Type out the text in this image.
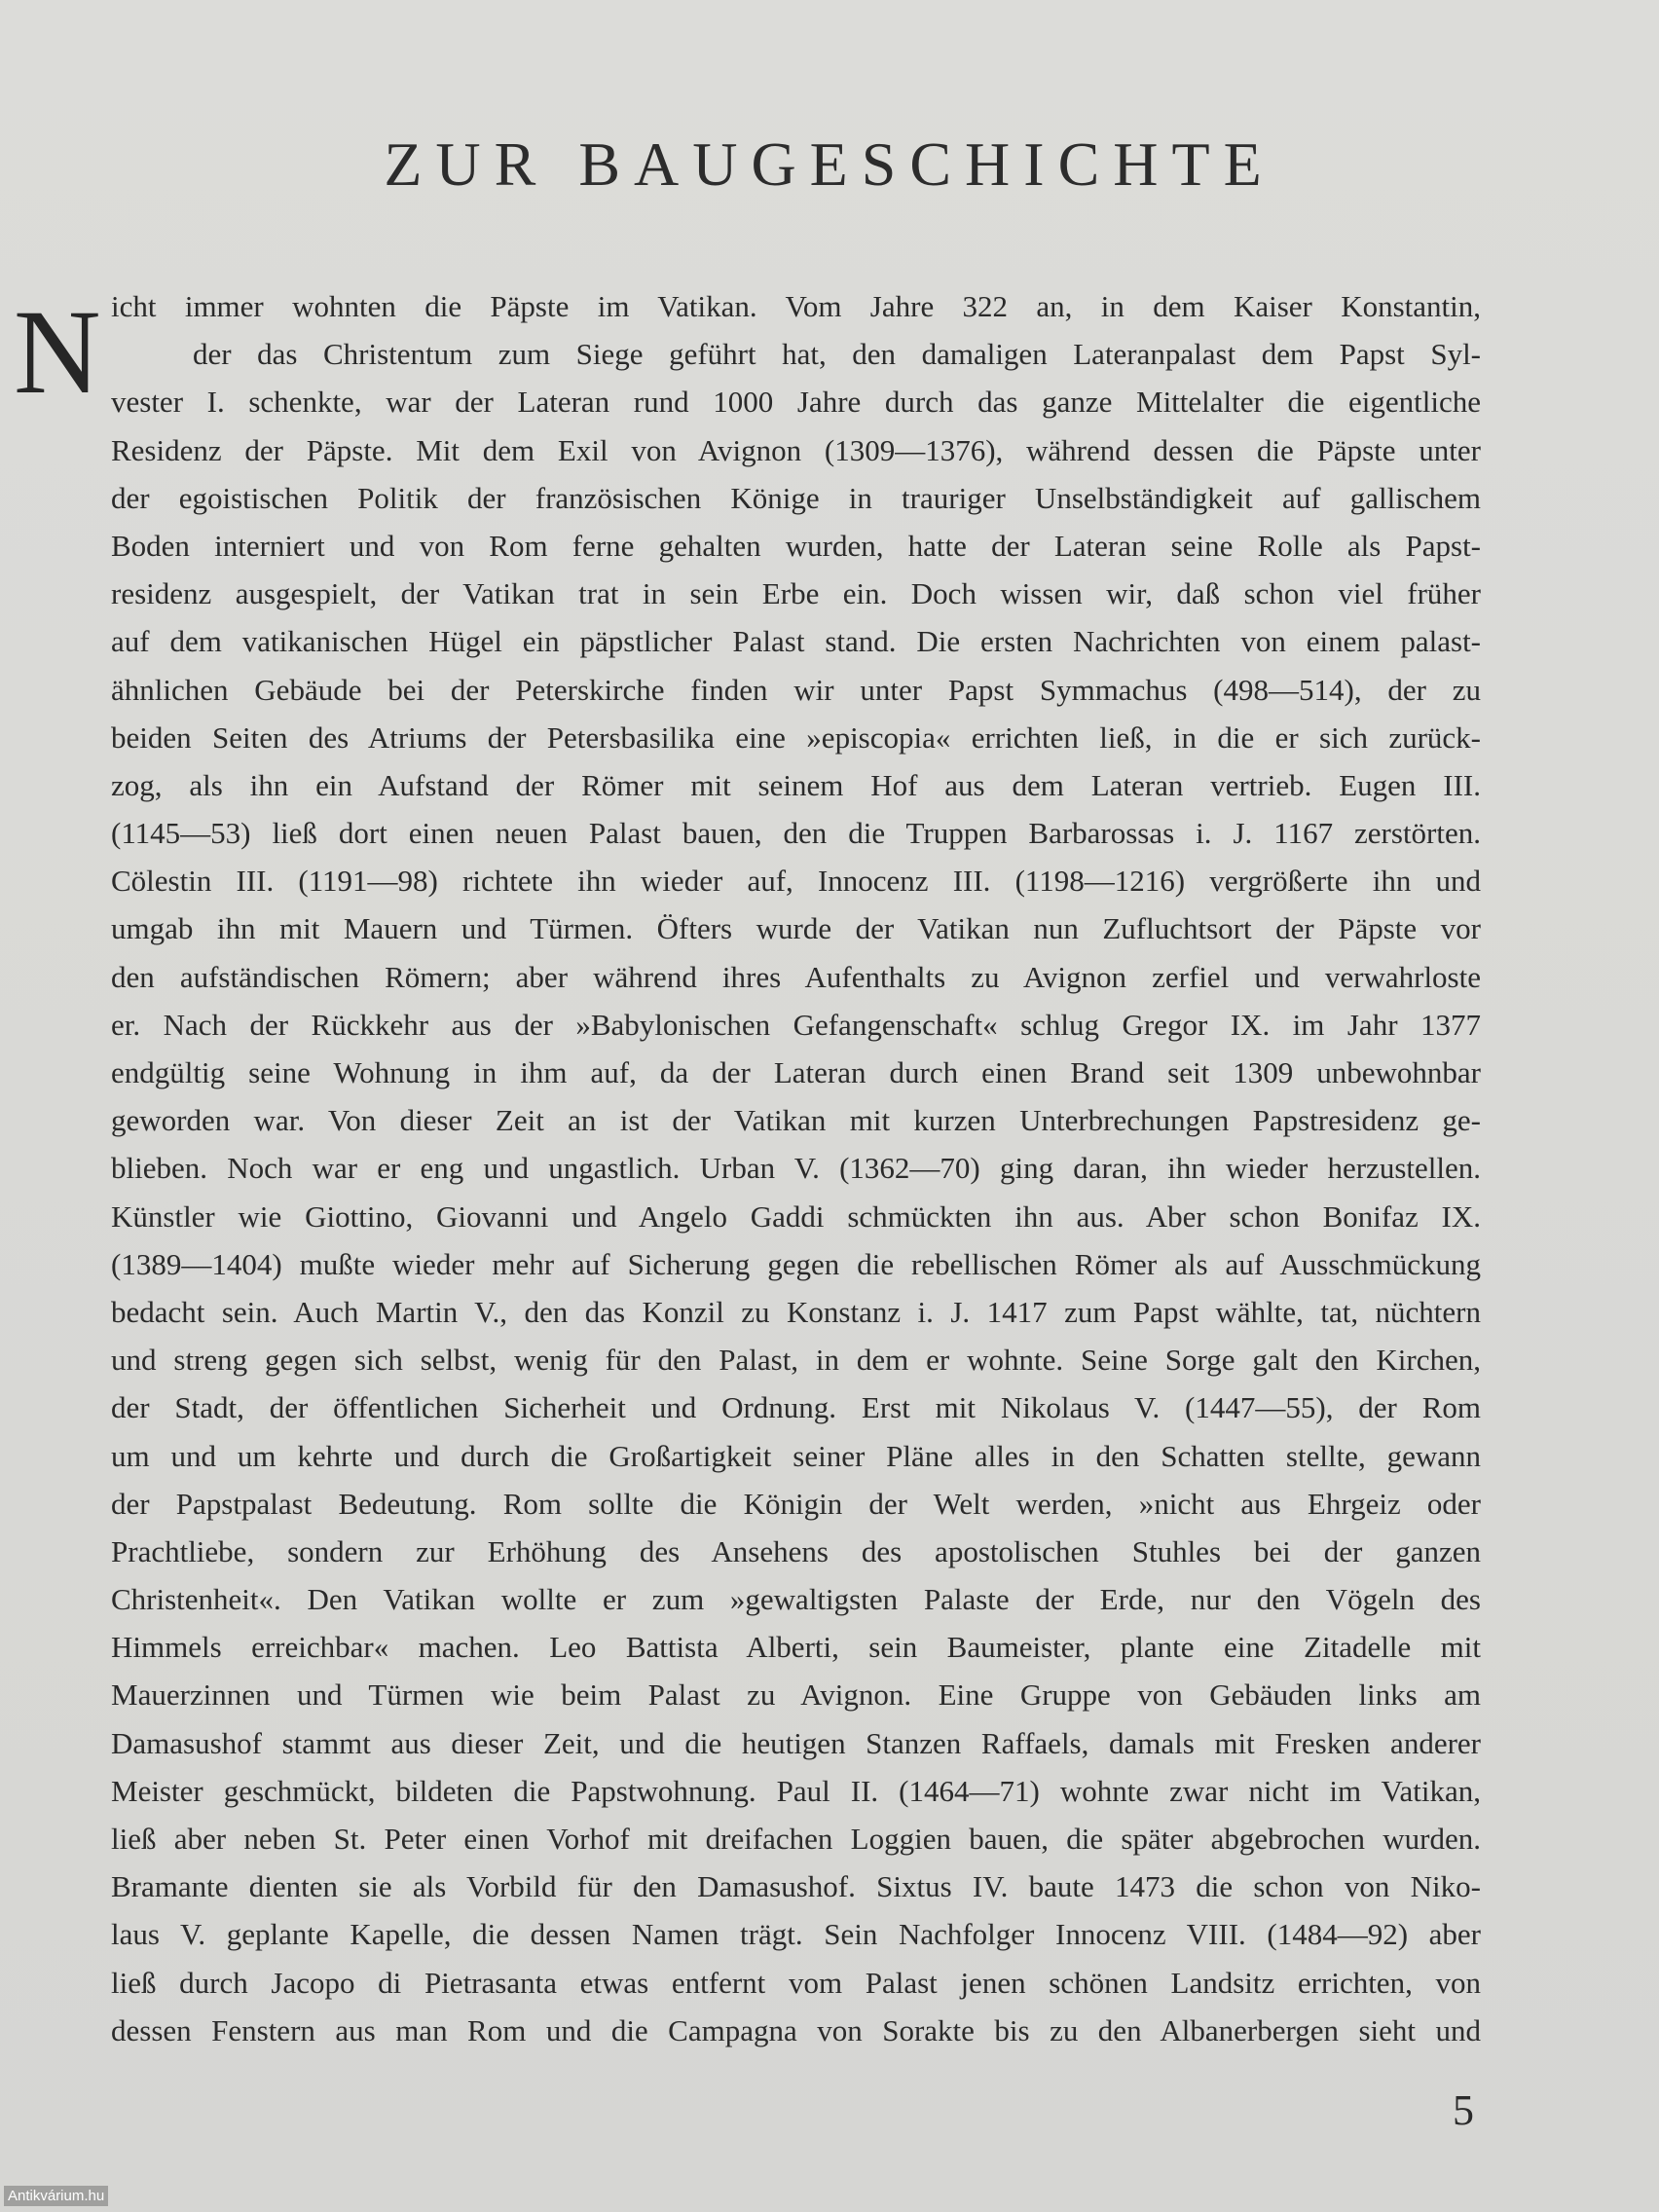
ZUR BAUGESCHICHTE
N icht immer wohnten die Päpste im Vatikan. Vom Jahre 322 an, in dem Kaiser Konstantin,
der das Christentum zum Siege geführt hat, den damaligen Lateranpalast dem Papst Syl-
vester I. schenkte, war der Lateran rund 1000 Jahre durch das ganze Mittelalter die eigentliche
Residenz der Päpste. Mit dem Exil von Avignon (1309—1376), während dessen die Päpste unter
der egoistischen Politik der französischen Könige in trauriger Unselbständigkeit auf gallischem
Boden interniert und von Rom ferne gehalten wurden, hatte der Lateran seine Rolle als Papst-
residenz ausgespielt, der Vatikan trat in sein Erbe ein. Doch wissen wir, daß schon viel früher
auf dem vatikanischen Hügel ein päpstlicher Palast stand. Die ersten Nachrichten von einem palast-
ähnlichen Gebäude bei der Peterskirche finden wir unter Papst Symmachus (498—514), der zu
beiden Seiten des Atriums der Petersbasilika eine »episcopia« errichten ließ, in die er sich zurück-
zog, als ihn ein Aufstand der Römer mit seinem Hof aus dem Lateran vertrieb. Eugen III.
(1145—53) ließ dort einen neuen Palast bauen, den die Truppen Barbarossas i. J. 1167 zerstörten.
Cölestin III. (1191—98) richtete ihn wieder auf, Innocenz III. (1198—1216) vergrößerte ihn und
umgab ihn mit Mauern und Türmen. Öfters wurde der Vatikan nun Zufluchtsort der Päpste vor
den aufständischen Römern; aber während ihres Aufenthalts zu Avignon zerfiel und verwahrloste
er. Nach der Rückkehr aus der »Babylonischen Gefangenschaft« schlug Gregor IX. im Jahr 1377
endgültig seine Wohnung in ihm auf, da der Lateran durch einen Brand seit 1309 unbewohnbar
geworden war. Von dieser Zeit an ist der Vatikan mit kurzen Unterbrechungen Papstresidenz ge-
blieben. Noch war er eng und ungastlich. Urban V. (1362—70) ging daran, ihn wieder herzustellen.
Künstler wie Giottino, Giovanni und Angelo Gaddi schmückten ihn aus. Aber schon Bonifaz IX.
(1389—1404) mußte wieder mehr auf Sicherung gegen die rebellischen Römer als auf Ausschmückung
bedacht sein. Auch Martin V., den das Konzil zu Konstanz i. J. 1417 zum Papst wählte, tat, nüchtern
und streng gegen sich selbst, wenig für den Palast, in dem er wohnte. Seine Sorge galt den Kirchen,
der Stadt, der öffentlichen Sicherheit und Ordnung. Erst mit Nikolaus V. (1447—55), der Rom
um und um kehrte und durch die Großartigkeit seiner Pläne alles in den Schatten stellte, gewann
der Papstpalast Bedeutung. Rom sollte die Königin der Welt werden, »nicht aus Ehrgeiz oder
Prachtliebe, sondern zur Erhöhung des Ansehens des apostolischen Stuhles bei der ganzen
Christenheit«. Den Vatikan wollte er zum »gewaltigsten Palaste der Erde, nur den Vögeln des
Himmels erreichbar« machen. Leo Battista Alberti, sein Baumeister, plante eine Zitadelle mit
Mauerzinnen und Türmen wie beim Palast zu Avignon. Eine Gruppe von Gebäuden links am
Damasushof stammt aus dieser Zeit, und die heutigen Stanzen Raffaels, damals mit Fresken anderer
Meister geschmückt, bildeten die Papstwohnung. Paul II. (1464—71) wohnte zwar nicht im Vatikan,
ließ aber neben St. Peter einen Vorhof mit dreifachen Loggien bauen, die später abgebrochen wurden.
Bramante dienten sie als Vorbild für den Damasushof. Sixtus IV. baute 1473 die schon von Niko-
laus V. geplante Kapelle, die dessen Namen trägt. Sein Nachfolger Innocenz VIII. (1484—92) aber
ließ durch Jacopo di Pietrasanta etwas entfernt vom Palast jenen schönen Landsitz errichten, von
dessen Fenstern aus man Rom und die Campagna von Sorakte bis zu den Albanerbergen sieht und
5
Antikvárium.hu
